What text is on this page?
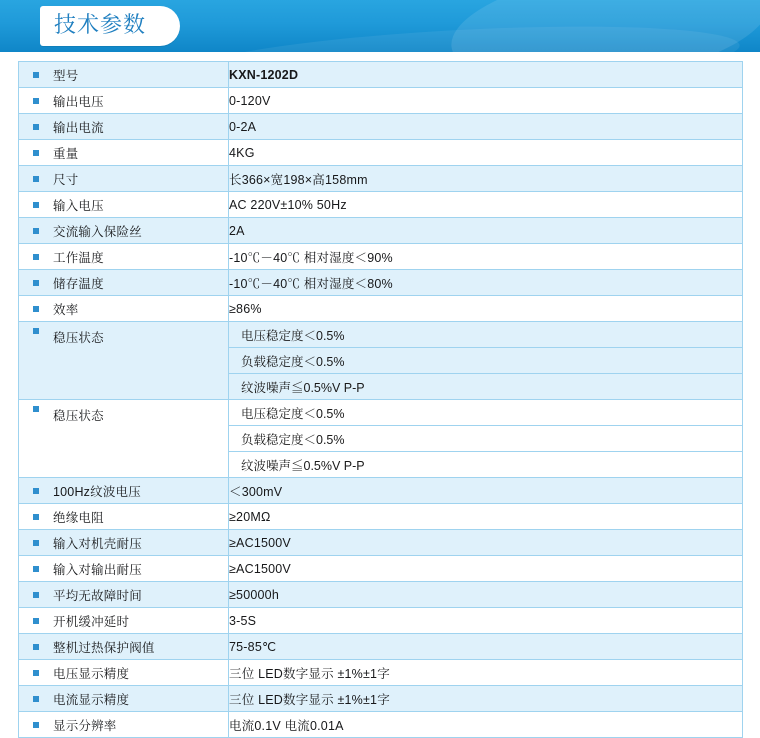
技术参数
型号	KXN-1202D

输出电压	0-120V

输出电流	0-2A

重量	4KG

尺寸	长366×宽198×高158mm

输入电压	AC 220V±10% 50Hz

交流输入保险丝	2A

工作温度	-10℃－40℃ 相对湿度＜90%

储存温度	-10℃－40℃ 相对湿度＜80%

效率	≥86%

稳压状态
		电压稳定度＜0.5%
负载稳定度＜0.5%
纹波噪声≦0.5%V P-P

稳压状态
		电压稳定度＜0.5%
负载稳定度＜0.5%
纹波噪声≦0.5%V P-P

100Hz纹波电压	＜300mV

绝缘电阻	≥20MΩ

输入对机壳耐压	≥AC1500V

输入对输出耐压	≥AC1500V

平均无故障时间	≥50000h

开机缓冲延时	3-5S

整机过热保护阀值	75-85℃

电压显示精度	三位 LED数字显示 ±1%±1字

电流显示精度	三位 LED数字显示 ±1%±1字

显示分辨率	电流0.1V 电流0.01A
